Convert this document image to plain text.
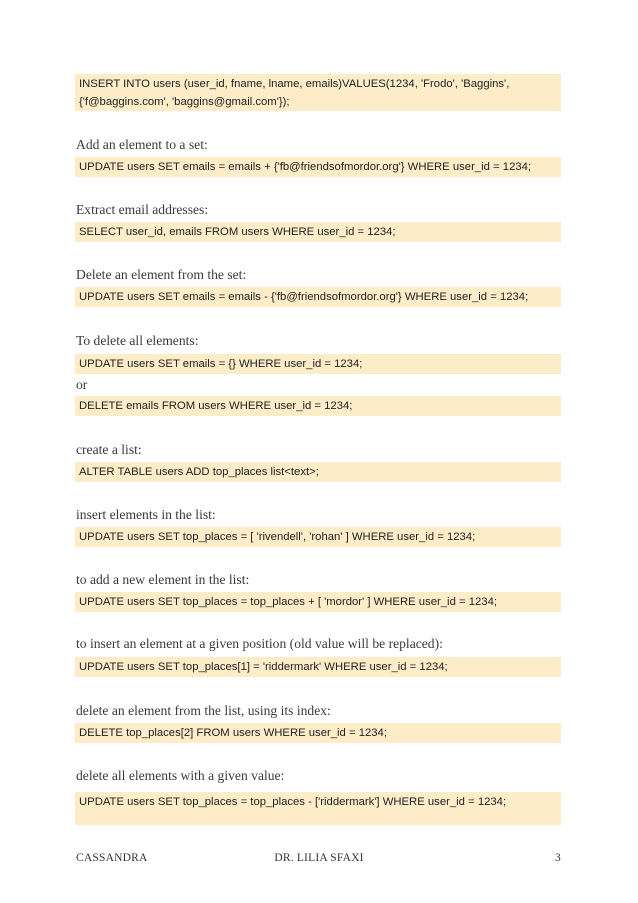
INSERT INTO users (user_id, fname, lname, emails)VALUES(1234, 'Frodo', 'Baggins', {'f@baggins.com', 'baggins@gmail.com'});
Add an element to a set:
UPDATE users SET emails = emails + {'fb@friendsofmordor.org'} WHERE user_id = 1234;
Extract email addresses:
SELECT user_id, emails FROM users WHERE user_id = 1234;
Delete an element from the set:
UPDATE users SET emails = emails - {'fb@friendsofmordor.org'} WHERE user_id = 1234;
To delete all elements:
UPDATE users SET emails = {} WHERE user_id = 1234;
or
DELETE emails FROM users WHERE user_id = 1234;
create a list:
ALTER TABLE users ADD top_places list<text>;
insert elements in the list:
UPDATE users SET top_places = [ 'rivendell', 'rohan' ] WHERE user_id = 1234;
to add a new element in the list:
UPDATE users SET top_places = top_places + [ 'mordor' ] WHERE user_id = 1234;
to insert an element at a given position (old value will be replaced):
UPDATE users SET top_places[1] = 'riddermark' WHERE user_id = 1234;
delete an element from the list, using its index:
DELETE top_places[2] FROM users WHERE user_id = 1234;
delete all elements with a given value:
UPDATE users SET top_places = top_places - ['riddermark'] WHERE user_id = 1234;
CASSANDRA	DR. LILIA SFAXI	3
